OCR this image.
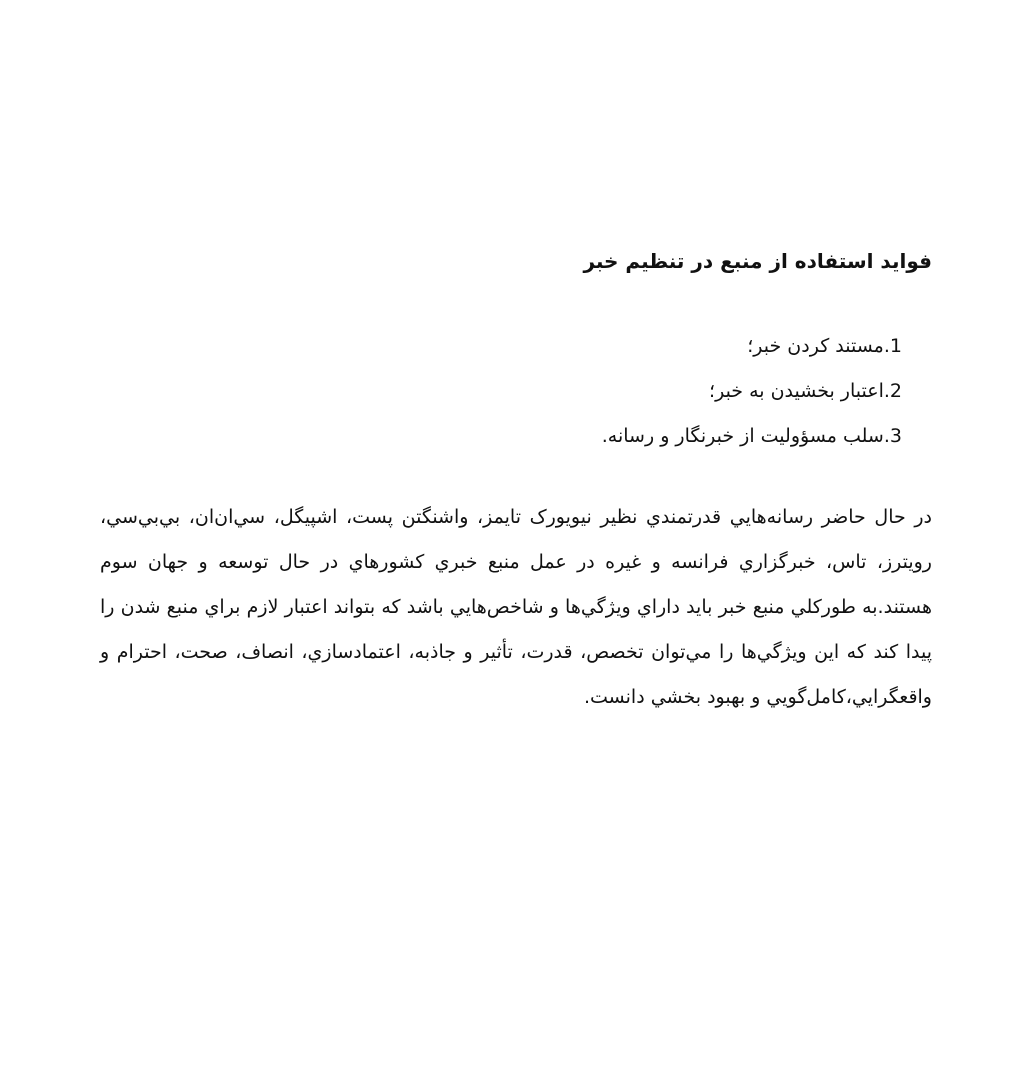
فوايد استفاده از منبع در تنظيم خبر
1.مستند کردن خبر؛
2.اعتبار بخشيدن به خبر؛
3.سلب مسؤوليت از خبرنگار و رسانه.

در حال حاضر رسانه‌هايي قدرتمندي نظير نيويورک تايمز، واشنگتن پست، اشپيگل، سي‌ان‌ان، بي‌بي‌سي، رويترز، تاس، خبرگزاري فرانسه و غيره در عمل منبع خبري کشورهاي در حال توسعه و جهان سوم هستند.به طورکلي منبع خبر بايد داراي ويژگي‌ها و شاخص‌هايي باشد که بتواند اعتبار لازم براي منبع شدن را پيدا کند که اين ويژگي‌ها را مي‌توان تخصص، قدرت، تأثير و جاذبه، اعتمادسازي، انصاف، صحت، احترام و واقعگرايي،کامل‌گويي و بهبود بخشي دانست.
